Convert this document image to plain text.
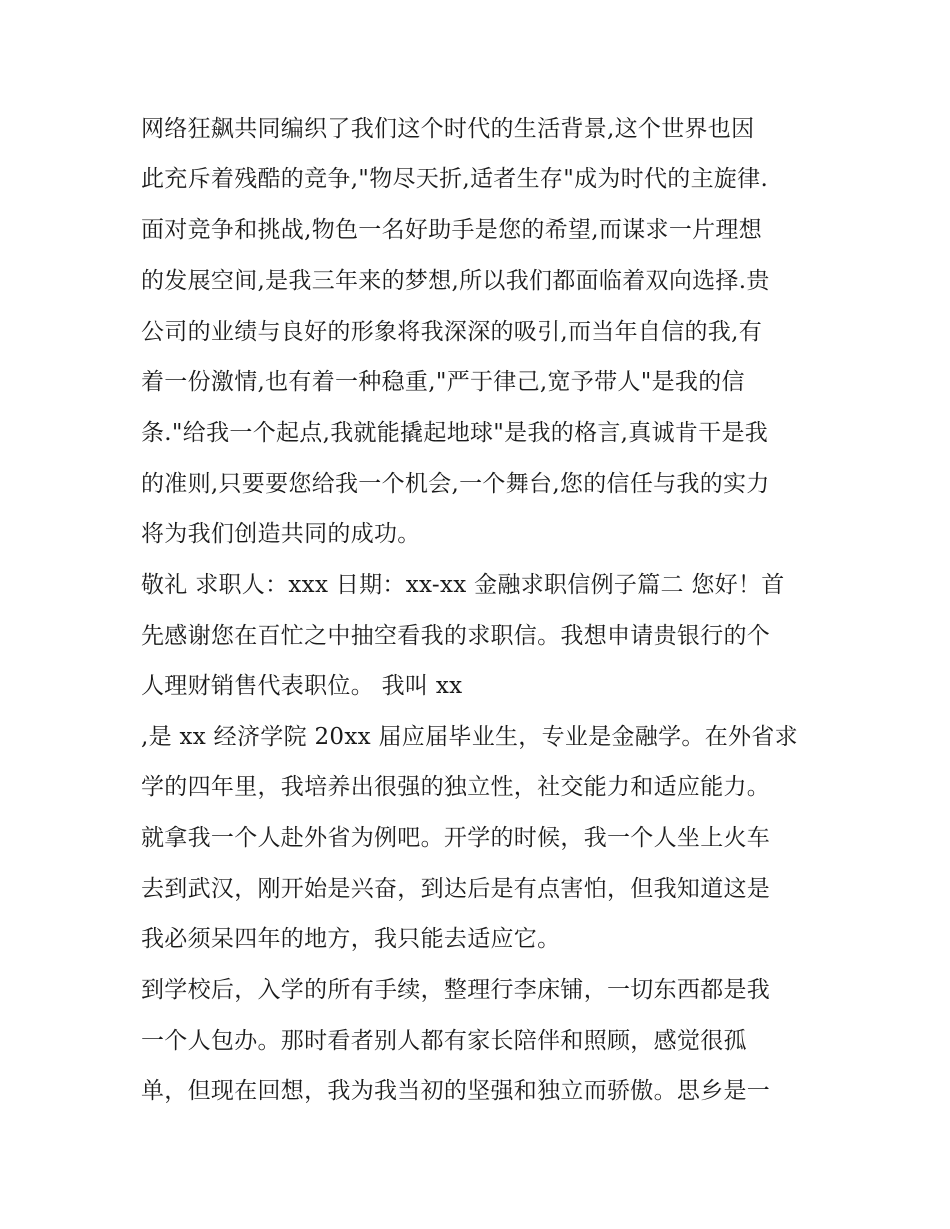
网络狂飙共同编织了我们这个时代的生活背景,这个世界也因
此充斥着残酷的竞争,"物尽天折,适者生存"成为时代的主旋律.
面对竞争和挑战,物色一名好助手是您的希望,而谋求一片理想
的发展空间,是我三年来的梦想,所以我们都面临着双向选择.贵
公司的业绩与良好的形象将我深深的吸引,而当年自信的我,有
着一份激情,也有着一种稳重,"严于律己,宽予带人"是我的信
条."给我一个起点,我就能撬起地球"是我的格言,真诚肯干是我
的准则,只要要您给我一个机会,一个舞台,您的信任与我的实力
将为我们创造共同的成功。
敬礼 求职人：xxx 日期：xx-xx 金融求职信例子篇二 您好！首
先感谢您在百忙之中抽空看我的求职信。我想申请贵银行的个
人理财销售代表职位。 我叫 xx
,是 xx 经济学院 20xx 届应届毕业生，专业是金融学。在外省求
学的四年里，我培养出很强的独立性，社交能力和适应能力。
就拿我一个人赴外省为例吧。开学的时候，我一个人坐上火车
去到武汉，刚开始是兴奋，到达后是有点害怕，但我知道这是
我必须呆四年的地方，我只能去适应它。
到学校后，入学的所有手续，整理行李床铺，一切东西都是我
一个人包办。那时看者别人都有家长陪伴和照顾，感觉很孤
单，但现在回想，我为我当初的坚强和独立而骄傲。思乡是一
